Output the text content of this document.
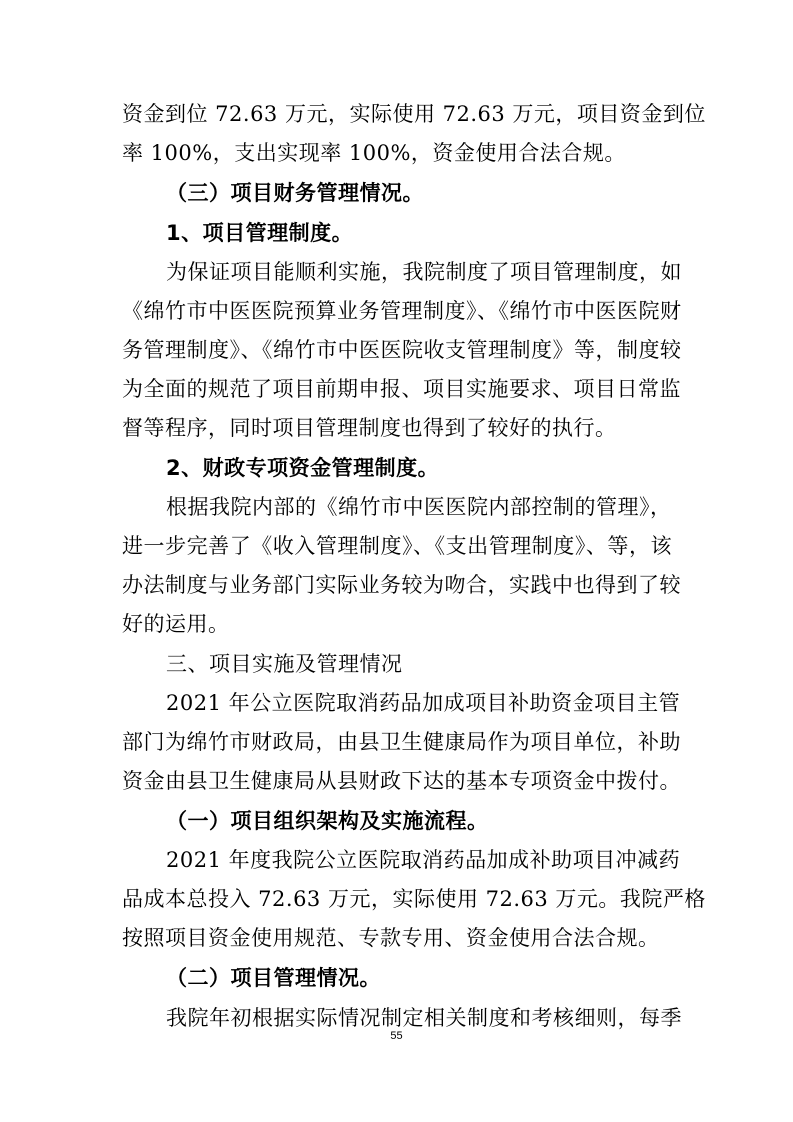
资金到位 72.63 万元，实际使用 72.63 万元，项目资金到位
率 100%，支出实现率 100%，资金使用合法合规。
（三）项目财务管理情况。
1、项目管理制度。
为保证项目能顺利实施，我院制度了项目管理制度，如
《绵竹市中医医院预算业务管理制度》、《绵竹市中医医院财
务管理制度》、《绵竹市中医医院收支管理制度》等，制度较
为全面的规范了项目前期申报、项目实施要求、项目日常监
督等程序，同时项目管理制度也得到了较好的执行。
2、财政专项资金管理制度。
根据我院内部的《绵竹市中医医院内部控制的管理》，
进一步完善了《收入管理制度》、《支出管理制度》、等，该
办法制度与业务部门实际业务较为吻合，实践中也得到了较
好的运用。
三、项目实施及管理情况
2021 年公立医院取消药品加成项目补助资金项目主管
部门为绵竹市财政局，由县卫生健康局作为项目单位，补助
资金由县卫生健康局从县财政下达的基本专项资金中拨付。
（一）项目组织架构及实施流程。
2021 年度我院公立医院取消药品加成补助项目冲减药
品成本总投入 72.63 万元，实际使用 72.63 万元。我院严格
按照项目资金使用规范、专款专用、资金使用合法合规。
（二）项目管理情况。
我院年初根据实际情况制定相关制度和考核细则，每季
55
